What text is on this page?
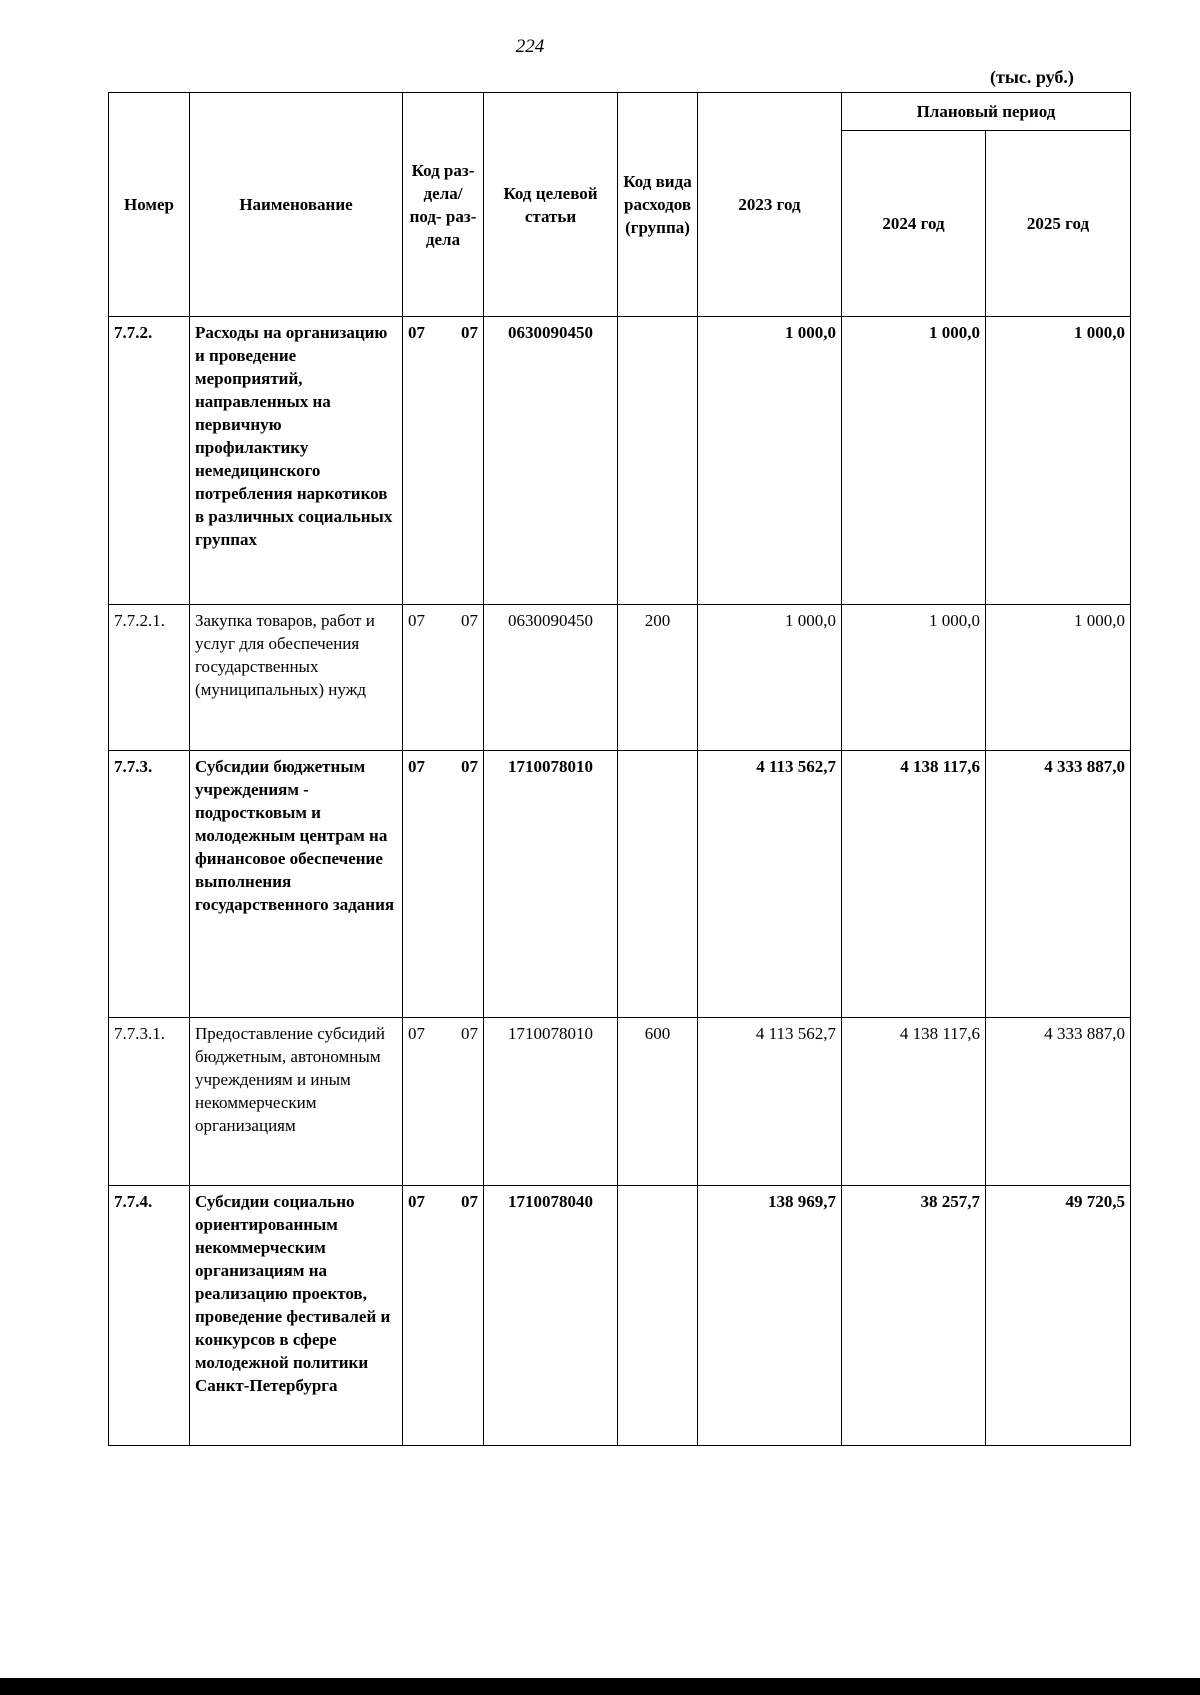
224
(тыс. руб.)
Номер	Наименование	Код раз- дела/ под- раз- дела	Код целевой статьи	Код вида расходов (группа)	2023 год	Плановый период	
						2024 год	2025 год
7.7.2.	Расходы на организацию и проведение мероприятий, направленных на первичную профилактику немедицинского потребления наркотиков в различных социальных группах	07 07	0630090450		1 000,0	1 000,0	1 000,0
7.7.2.1.	Закупка товаров, работ и услуг для обеспечения государственных (муниципальных) нужд	07 07	0630090450	200	1 000,0	1 000,0	1 000,0
7.7.3.	Субсидии бюджетным учреждениям - подростковым и молодежным центрам на финансовое обеспечение выполнения государственного задания	07 07	1710078010		4 113 562,7	4 138 117,6	4 333 887,0
7.7.3.1.	Предоставление субсидий бюджетным, автономным учреждениям и иным некоммерческим организациям	07 07	1710078010	600	4 113 562,7	4 138 117,6	4 333 887,0
7.7.4.	Субсидии социально ориентированным некоммерческим организациям на реализацию проектов, проведение фестивалей и конкурсов в сфере молодежной политики Санкт-Петербурга	07 07	1710078040		138 969,7	38 257,7	49 720,5
